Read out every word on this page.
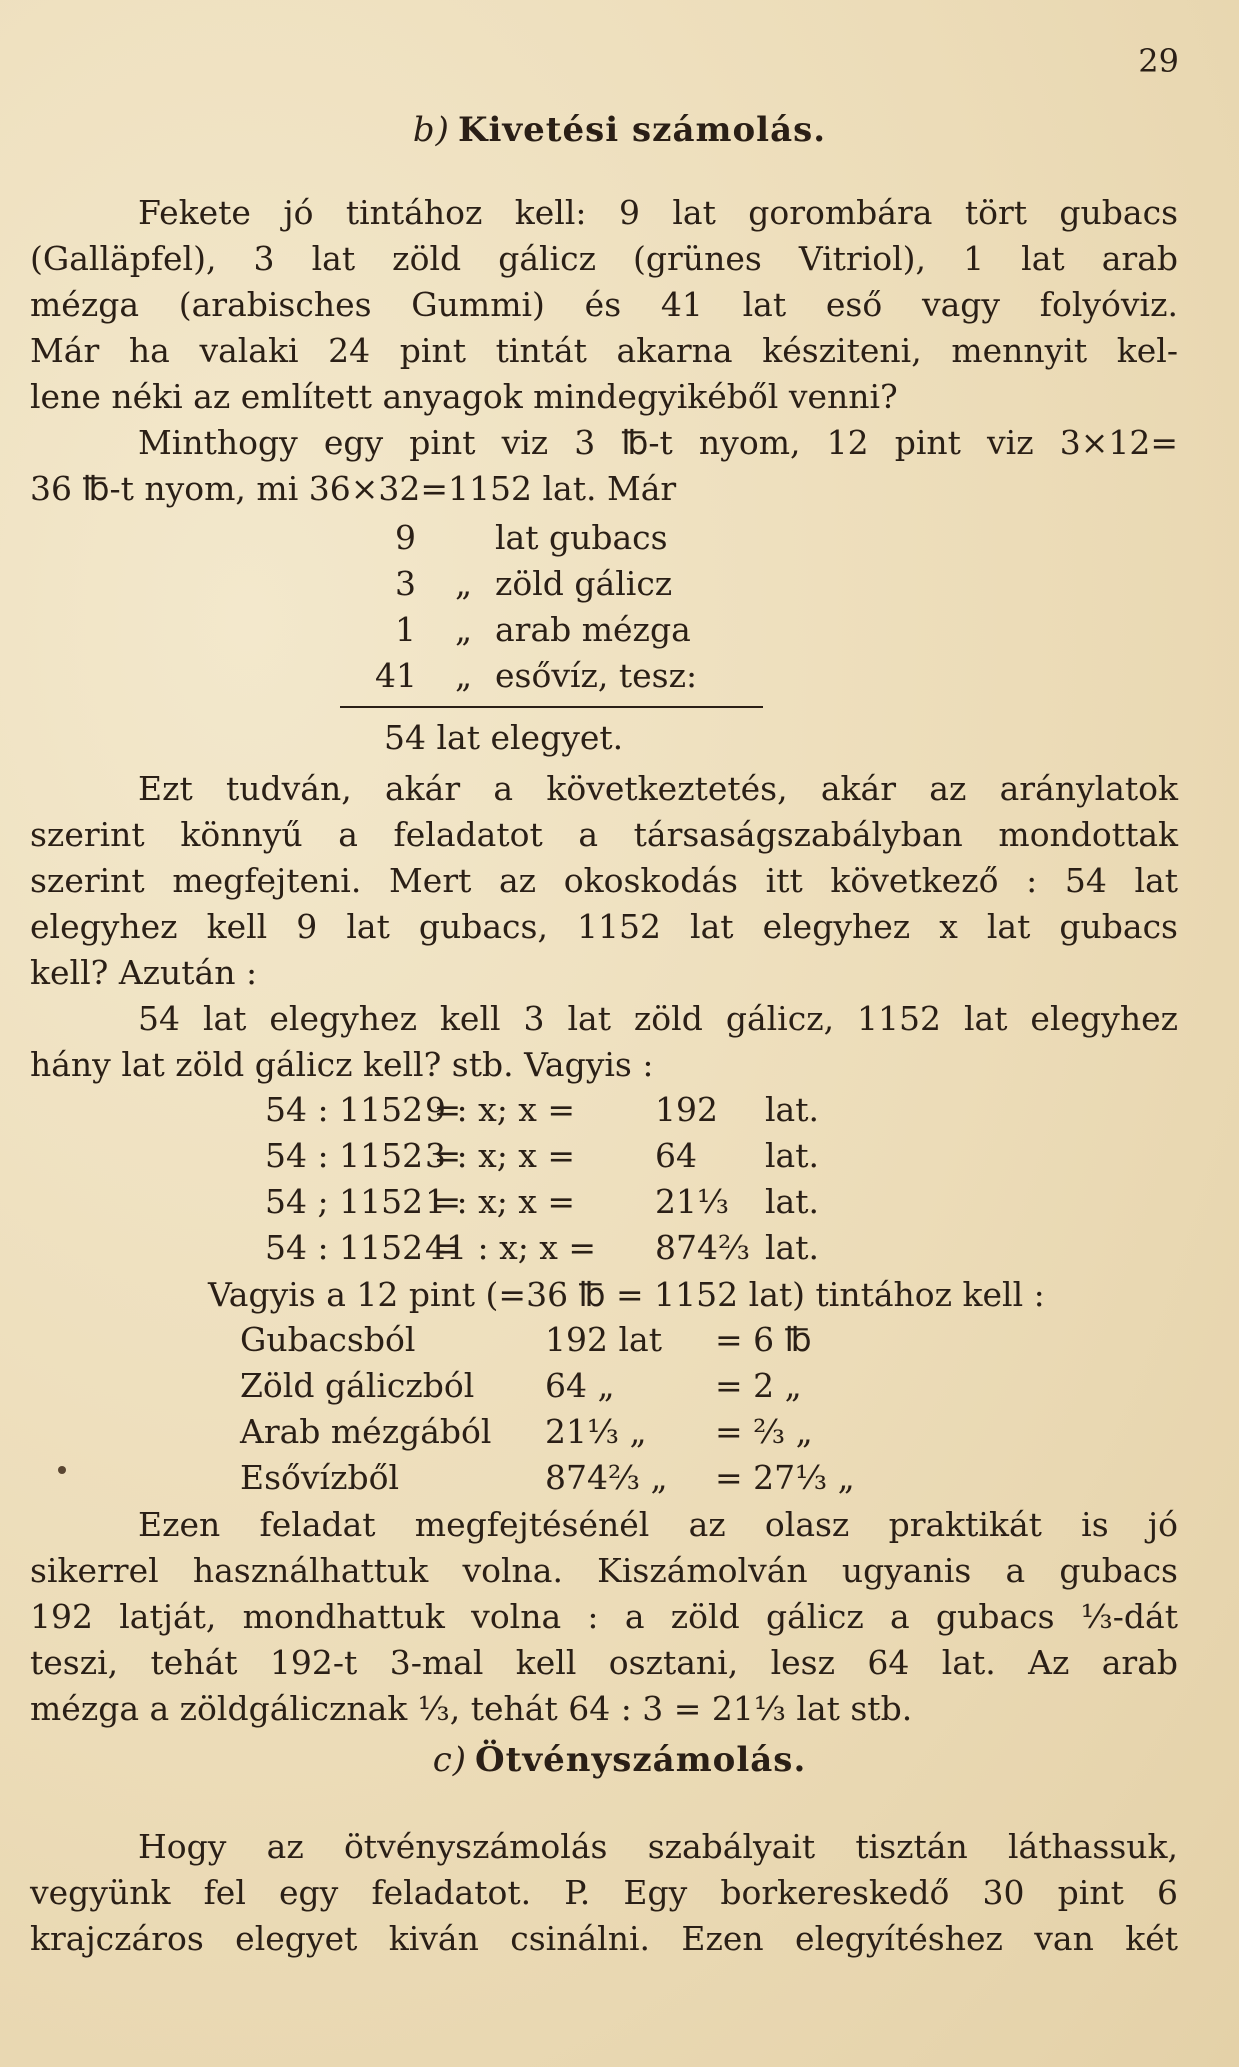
29
b) Kivetési számolás.
Fekete jó tintához kell: 9 lat gorombára tört gubacs
(Galläpfel), 3 lat zöld gálicz (grünes Vitriol), 1 lat arab
mézga (arabisches Gummi) és 41 lat eső vagy folyóviz.
Már ha valaki 24 pint tintát akarna késziteni, mennyit kel-
lene néki az említett anyagok mindegyikéből venni?
Minthogy egy pint viz 3 ℔-t nyom, 12 pint viz 3×12=
36 ℔-t nyom, mi 36×32=1152 lat. Már
9 lat gubacs
3 „ zöld gálicz
1 „ arab mézga
41 „ esővíz, tesz:
54 lat elegyet.
Ezt tudván, akár a következtetés, akár az aránylatok
szerint könnyű a feladatot a társaságszabályban mondottak
szerint megfejteni. Mert az okoskodás itt következő : 54 lat
elegyhez kell 9 lat gubacs, 1152 lat elegyhez x lat gubacs
kell? Azután :
54 lat elegyhez kell 3 lat zöld gálicz, 1152 lat elegyhez
hány lat zöld gálicz kell? stb. Vagyis :
54 : 1152 =9 : x; x = 192 lat.
54 : 1152 =3 : x; x = 64 lat.
54 ; 1152 =1 : x; x = 21⅓ lat.
54 : 1152 =41 : x; x = 874⅔ lat.
Vagyis a 12 pint (=36 ℔ = 1152 lat) tintához kell :
Gubacsból	192 lat = 6 ℔
Zöld gáliczból 64 „	= 2 „
Arab mézgából 21⅓ „ = ⅔ „
Esővízből	874⅔ „ = 27⅓ „
Ezen feladat megfejtésénél az olasz praktikát is jó
sikerrel használhattuk volna. Kiszámolván ugyanis a gubacs
192 latját, mondhattuk volna : a zöld gálicz a gubacs ⅓-dát
teszi, tehát 192-t 3-mal kell osztani, lesz 64 lat. Az arab
mézga a zöldgálicznak ⅓, tehát 64 : 3 = 21⅓ lat stb.
c) Ötvényszámolás.
Hogy az ötvényszámolás szabályait tisztán láthassuk,
vegyünk fel egy feladatot. P. Egy borkereskedő 30 pint 6
krajczáros elegyet kiván csinálni. Ezen elegyítéshez van két
